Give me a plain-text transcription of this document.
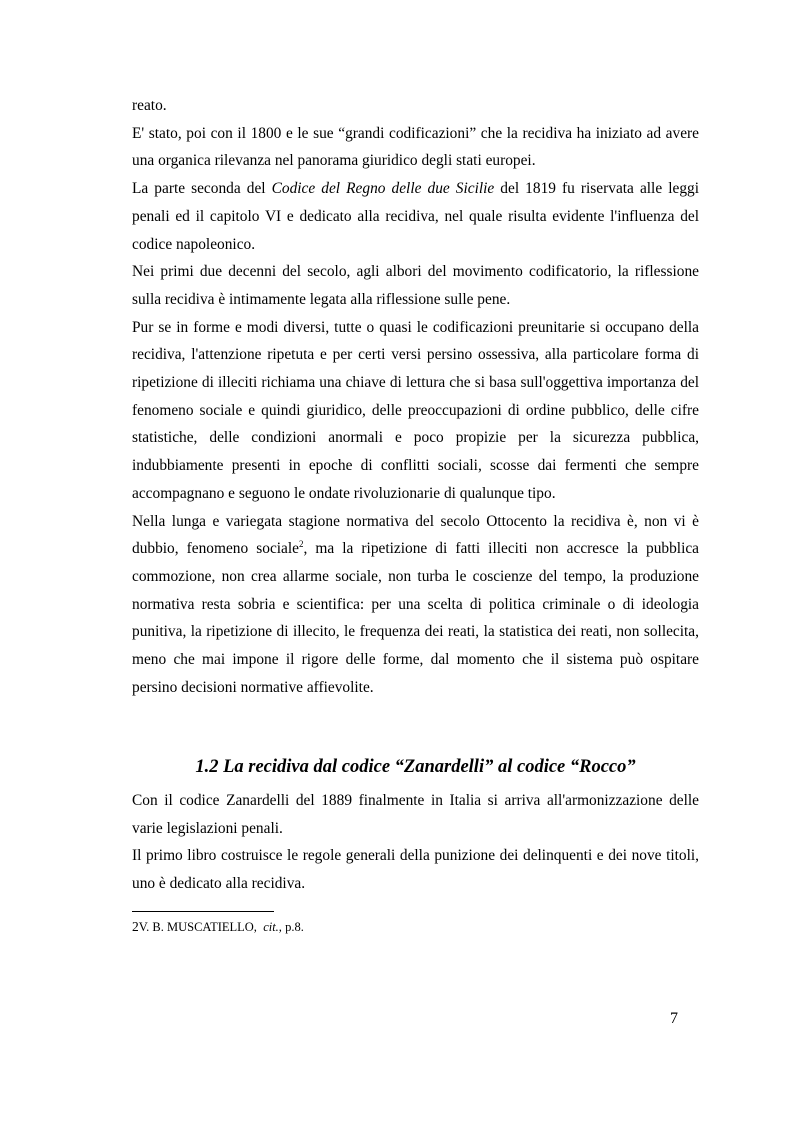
reato.

E' stato, poi con il 1800 e le sue “grandi codificazioni” che la recidiva ha iniziato ad avere una organica rilevanza nel panorama giuridico degli stati europei.

La parte seconda del Codice del Regno delle due Sicilie del 1819 fu riservata alle leggi penali ed il capitolo VI e dedicato alla recidiva, nel quale risulta evidente l'influenza del codice napoleonico.

Nei primi due decenni del secolo, agli albori del movimento codificatorio, la riflessione sulla recidiva è intimamente legata alla riflessione sulle pene.

Pur se in forme e modi diversi, tutte o quasi le codificazioni preunitarie si occupano della recidiva, l'attenzione ripetuta e per certi versi persino ossessiva, alla particolare forma di ripetizione di illeciti richiama una chiave di lettura che si basa sull'oggettiva importanza del fenomeno sociale e quindi giuridico, delle preoccupazioni di ordine pubblico, delle cifre statistiche, delle condizioni anormali e poco propizie per la sicurezza pubblica, indubbiamente presenti in epoche di conflitti sociali, scosse dai fermenti che sempre accompagnano e seguono le ondate rivoluzionarie di qualunque tipo.

Nella lunga e variegata stagione normativa del secolo Ottocento la recidiva è, non vi è dubbio, fenomeno sociale$^2$, ma la ripetizione di fatti illeciti non accresce la pubblica commozione, non crea allarme sociale, non turba le coscienze del tempo, la produzione normativa resta sobria e scientifica: per una scelta di politica criminale o di ideologia punitiva, la ripetizione di illecito, le frequenza dei reati, la statistica dei reati, non sollecita, meno che mai impone il rigore delle forme, dal momento che il sistema può ospitare persino decisioni normative affievolite.

1.2 La recidiva dal codice “Zanardelli” al codice “Rocco”

Con il codice Zanardelli del 1889 finalmente in Italia si arriva all'armonizzazione delle varie legislazioni penali.

Il primo libro costruisce le regole generali della punizione dei delinquenti e dei nove titoli, uno è dedicato alla recidiva.

2V. B. MUSCATIELLO, cit., p.8.
7
